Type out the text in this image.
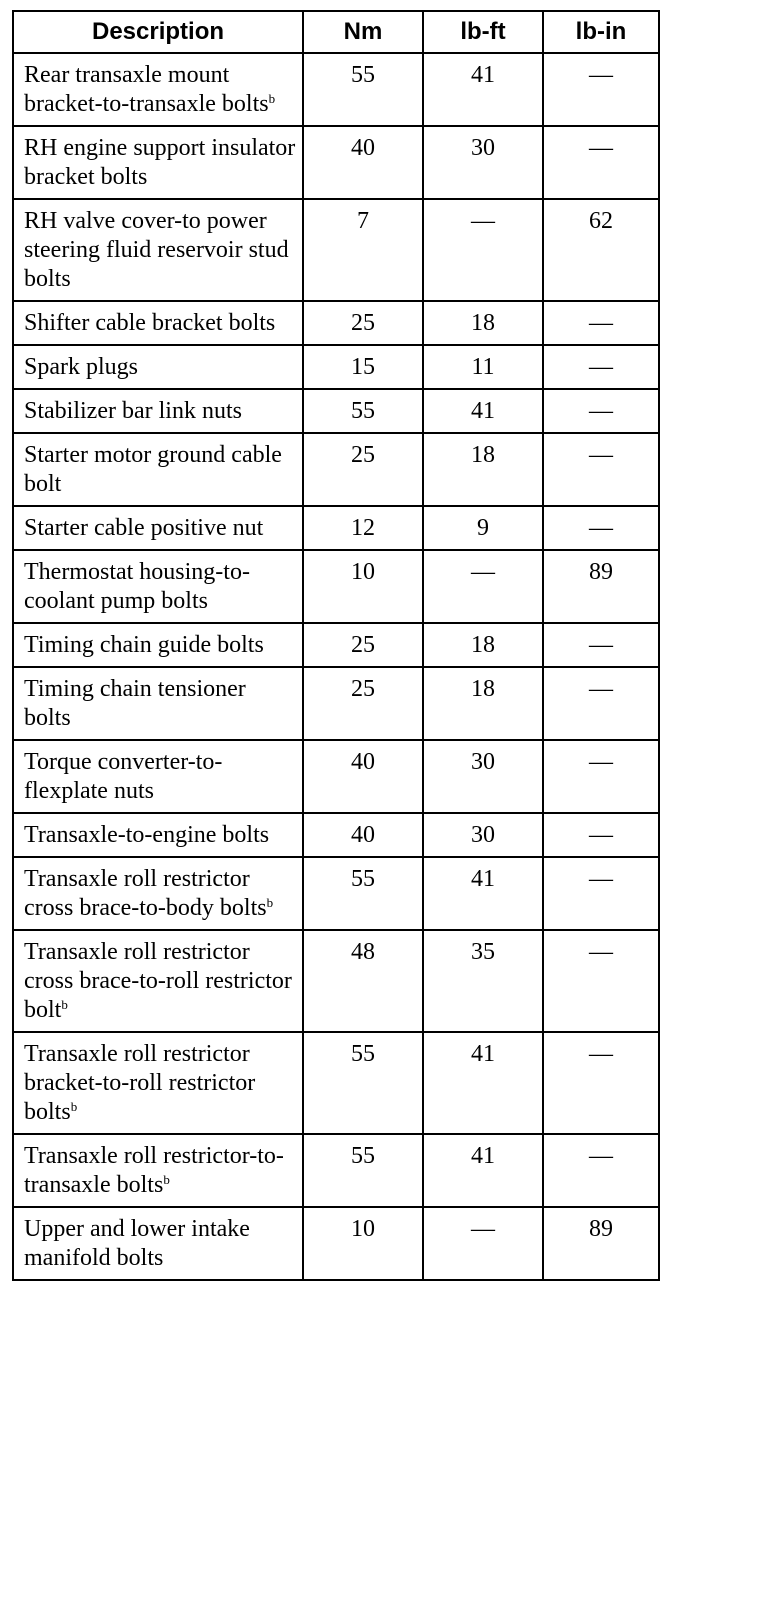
Description	Nm	lb-ft	lb-in
Rear transaxle mount bracket-to-transaxle bolts$^b$	55	41	—
RH engine support insulator bracket bolts	40	30	—
RH valve cover-to power steering fluid reservoir stud bolts	7	—	62
Shifter cable bracket bolts	25	18	—
Spark plugs	15	11	—
Stabilizer bar link nuts	55	41	—
Starter motor ground cable bolt	25	18	—
Starter cable positive nut	12	9	—
Thermostat housing-to-coolant pump bolts	10	—	89
Timing chain guide bolts	25	18	—
Timing chain tensioner bolts	25	18	—
Torque converter-to-flexplate nuts	40	30	—
Transaxle-to-engine bolts	40	30	—
Transaxle roll restrictor cross brace-to-body bolts$^b$	55	41	—
Transaxle roll restrictor cross brace-to-roll restrictor bolt$^b$	48	35	—
Transaxle roll restrictor bracket-to-roll restrictor bolts$^b$	55	41	—
Transaxle roll restrictor-to-transaxle bolts$^b$	55	41	—
Upper and lower intake manifold bolts	10	—	89
